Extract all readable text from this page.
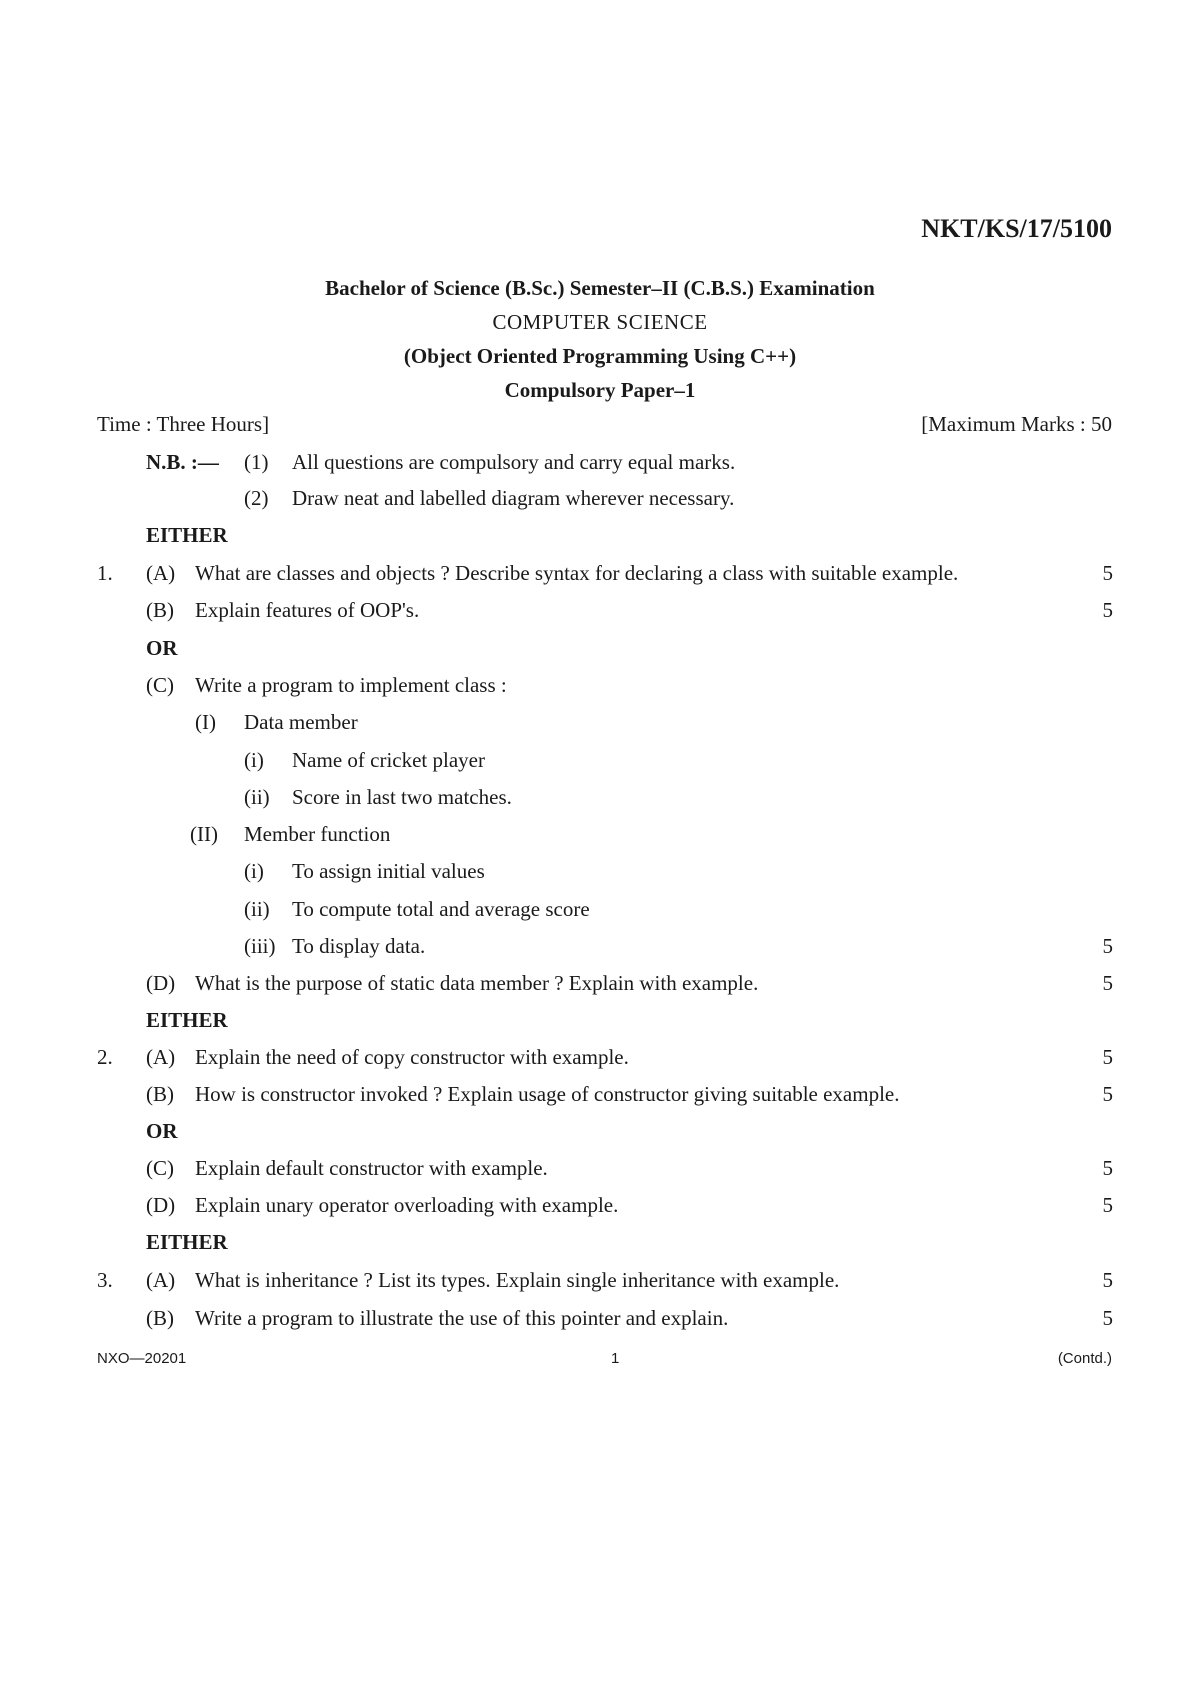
NKT/KS/17/5100
Bachelor of Science (B.Sc.) Semester–II (C.B.S.) Examination
COMPUTER SCIENCE
(Object Oriented Programming Using C++)
Compulsory Paper–1
Time : Three Hours]	[Maximum Marks : 50
N.B. :— (1) All questions are compulsory and carry equal marks.
(2) Draw neat and labelled diagram wherever necessary.
EITHER
1. (A) What are classes and objects ? Describe syntax for declaring a class with suitable example.	5
(B) Explain features of OOP's.	5
OR
(C) Write a program to implement class :
(I) Data member
(i) Name of cricket player
(ii) Score in last two matches.
(II) Member function
(i) To assign initial values
(ii) To compute total and average score
(iii) To display data.	5
(D) What is the purpose of static data member ? Explain with example.	5
EITHER
2. (A) Explain the need of copy constructor with example.	5
(B) How is constructor invoked ? Explain usage of constructor giving suitable example.	5
OR
(C) Explain default constructor with example.	5
(D) Explain unary operator overloading with example.	5
EITHER
3. (A) What is inheritance ? List its types. Explain single inheritance with example.	5
(B) Write a program to illustrate the use of this pointer and explain.	5
NXO—20201	1	(Contd.)
